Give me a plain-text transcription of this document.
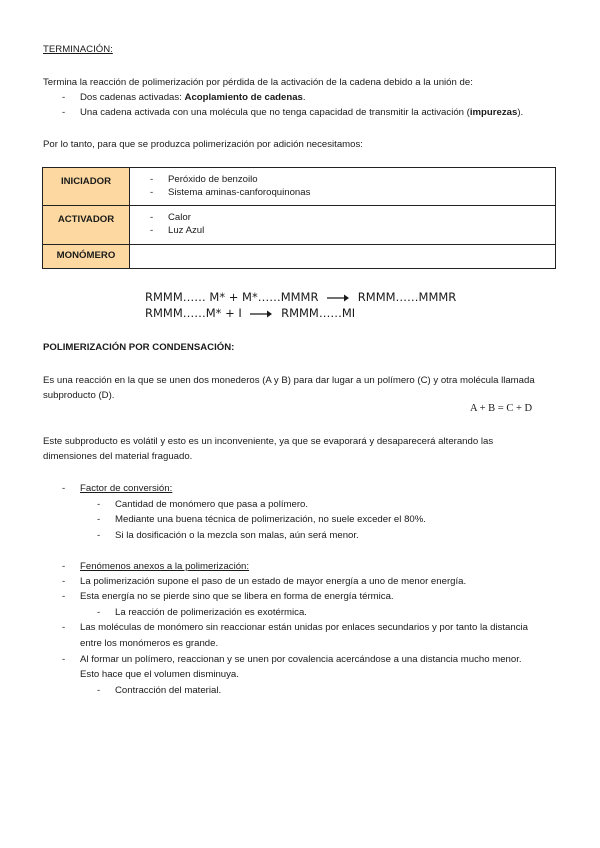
TERMINACIÓN:
Termina la reacción de polimerización por pérdida de la activación de la cadena debido a la unión de:
- Dos cadenas activadas: Acoplamiento de cadenas.
- Una cadena activada con una molécula que no tenga capacidad de transmitir la activación (impurezas).
Por lo tanto, para que se produzca polimerización por adición necesitamos:
INICIADOR	- Peróxido de benzoilo
- Sistema aminas-canforoquinonas

ACTIVADOR	- Calor
- Luz Azul

MONÓMERO	
RMMM…… M* + M*……MMMR	RMMM……MMMR
RMMM……M* + I	RMMM……MI
POLIMERIZACIÓN POR CONDENSACIÓN:
Es una reacción en la que se unen dos monederos (A y B) para dar lugar a un polímero (C) y otra molécula llamada
subproducto (D).
A + B = C + D
Este subproducto es volátil y esto es un inconveniente, ya que se evaporará y desaparecerá alterando las
dimensiones del material fraguado.
- Factor de conversión:
- Cantidad de monómero que pasa a polímero.
- Mediante una buena técnica de polimerización, no suele exceder el 80%.
- Si la dosificación o la mezcla son malas, aún será menor.
- Fenómenos anexos a la polimerización:
- La polimerización supone el paso de un estado de mayor energía a uno de menor energía.
- Esta energía no se pierde sino que se libera en forma de energía térmica.
- La reacción de polimerización es exotérmica.
- Las moléculas de monómero sin reaccionar están unidas por enlaces secundarios y por tanto la distancia
entre los monómeros es grande.
- Al formar un polímero, reaccionan y se unen por covalencia acercándose a una distancia mucho menor.
Esto hace que el volumen disminuya.
- Contracción del material.
